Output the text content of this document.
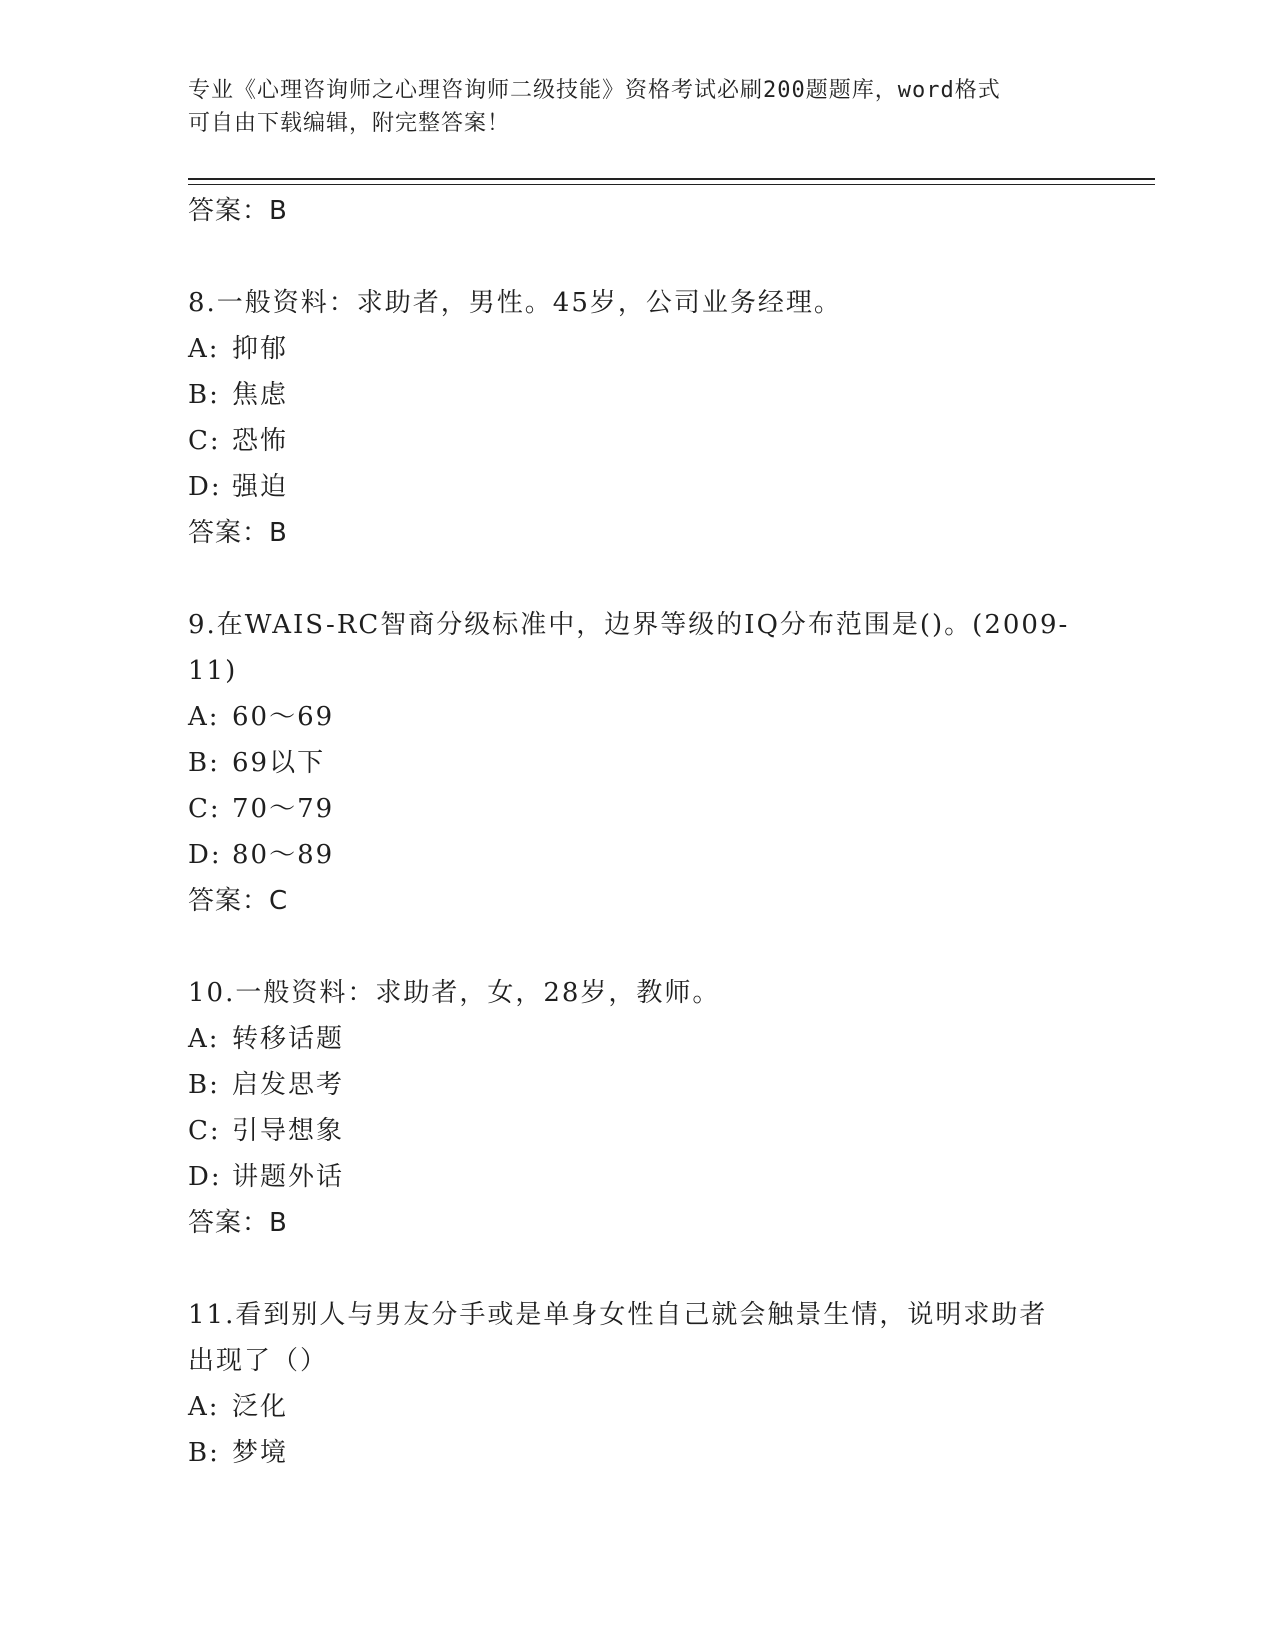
专业《心理咨询师之心理咨询师二级技能》资格考试必刷200题题库，word格式
可自由下载编辑，附完整答案！
答案：B
8.一般资料：求助者，男性。45岁，公司业务经理。
A: 抑郁
B: 焦虑
C: 恐怖
D: 强迫
答案：B
9.在WAIS-RC智商分级标准中，边界等级的IQ分布范围是()。(2009-
11)
A: 60～69
B: 69以下
C: 70～79
D: 80～89
答案：C
10.一般资料：求助者，女，28岁，教师。
A: 转移话题
B: 启发思考
C: 引导想象
D: 讲题外话
答案：B
11.看到别人与男友分手或是单身女性自己就会触景生情，说明求助者
出现了（）
A: 泛化
B: 梦境
